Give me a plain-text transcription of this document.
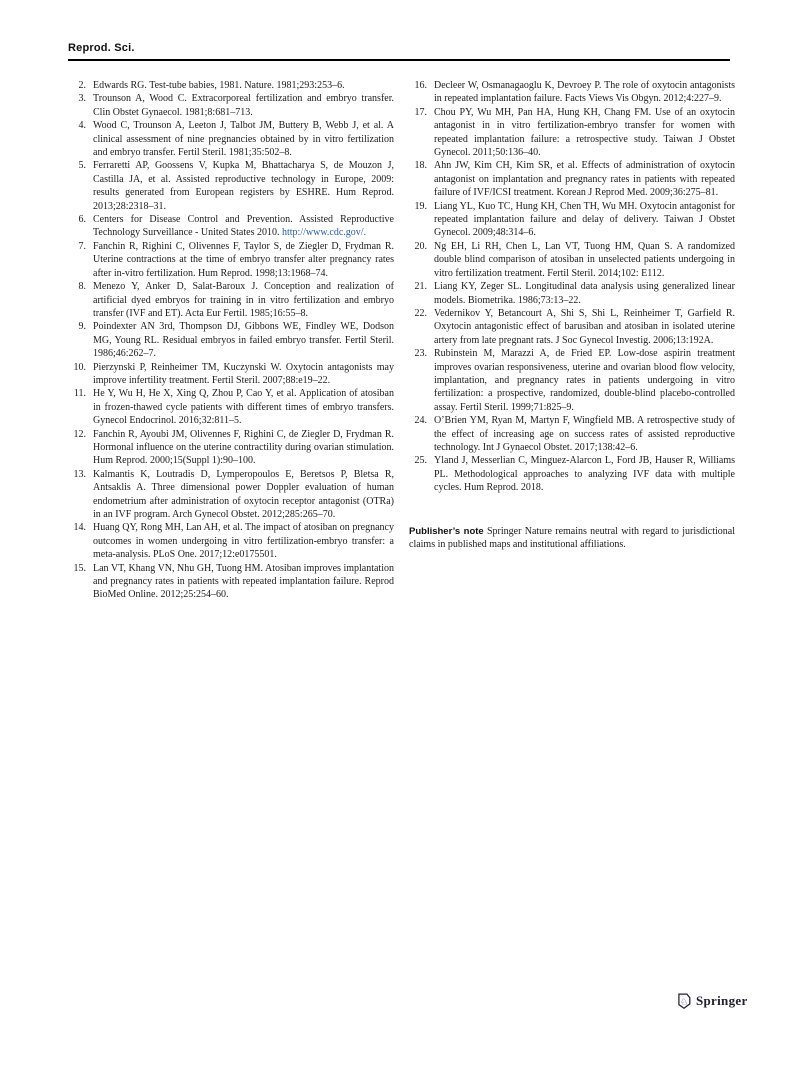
Reprod. Sci.
2. Edwards RG. Test-tube babies, 1981. Nature. 1981;293:253–6.
3. Trounson A, Wood C. Extracorporeal fertilization and embryo transfer. Clin Obstet Gynaecol. 1981;8:681–713.
4. Wood C, Trounson A, Leeton J, Talbot JM, Buttery B, Webb J, et al. A clinical assessment of nine pregnancies obtained by in vitro fertilization and embryo transfer. Fertil Steril. 1981;35:502–8.
5. Ferraretti AP, Goossens V, Kupka M, Bhattacharya S, de Mouzon J, Castilla JA, et al. Assisted reproductive technology in Europe, 2009: results generated from European registers by ESHRE. Hum Reprod. 2013;28:2318–31.
6. Centers for Disease Control and Prevention. Assisted Reproductive Technology Surveillance - United States 2010. http://www.cdc.gov/.
7. Fanchin R, Righini C, Olivennes F, Taylor S, de Ziegler D, Frydman R. Uterine contractions at the time of embryo transfer alter pregnancy rates after in-vitro fertilization. Hum Reprod. 1998;13:1968–74.
8. Menezo Y, Anker D, Salat-Baroux J. Conception and realization of artificial dyed embryos for training in in vitro fertilization and embryo transfer (IVF and ET). Acta Eur Fertil. 1985;16:55–8.
9. Poindexter AN 3rd, Thompson DJ, Gibbons WE, Findley WE, Dodson MG, Young RL. Residual embryos in failed embryo transfer. Fertil Steril. 1986;46:262–7.
10. Pierzynski P, Reinheimer TM, Kuczynski W. Oxytocin antagonists may improve infertility treatment. Fertil Steril. 2007;88:e19–22.
11. He Y, Wu H, He X, Xing Q, Zhou P, Cao Y, et al. Application of atosiban in frozen-thawed cycle patients with different times of embryo transfers. Gynecol Endocrinol. 2016;32:811–5.
12. Fanchin R, Ayoubi JM, Olivennes F, Righini C, de Ziegler D, Frydman R. Hormonal influence on the uterine contractility during ovarian stimulation. Hum Reprod. 2000;15(Suppl 1):90–100.
13. Kalmantis K, Loutradis D, Lymperopoulos E, Beretsos P, Bletsa R, Antsaklis A. Three dimensional power Doppler evaluation of human endometrium after administration of oxytocin receptor antagonist (OTRa) in an IVF program. Arch Gynecol Obstet. 2012;285:265–70.
14. Huang QY, Rong MH, Lan AH, et al. The impact of atosiban on pregnancy outcomes in women undergoing in vitro fertilization-embryo transfer: a meta-analysis. PLoS One. 2017;12:e0175501.
15. Lan VT, Khang VN, Nhu GH, Tuong HM. Atosiban improves implantation and pregnancy rates in patients with repeated implantation failure. Reprod BioMed Online. 2012;25:254–60.
16. Decleer W, Osmanagaoglu K, Devroey P. The role of oxytocin antagonists in repeated implantation failure. Facts Views Vis Obgyn. 2012;4:227–9.
17. Chou PY, Wu MH, Pan HA, Hung KH, Chang FM. Use of an oxytocin antagonist in in vitro fertilization-embryo transfer for women with repeated implantation failure: a retrospective study. Taiwan J Obstet Gynecol. 2011;50:136–40.
18. Ahn JW, Kim CH, Kim SR, et al. Effects of administration of oxytocin antagonist on implantation and pregnancy rates in patients with repeated failure of IVF/ICSI treatment. Korean J Reprod Med. 2009;36:275–81.
19. Liang YL, Kuo TC, Hung KH, Chen TH, Wu MH. Oxytocin antagonist for repeated implantation failure and delay of delivery. Taiwan J Obstet Gynecol. 2009;48:314–6.
20. Ng EH, Li RH, Chen L, Lan VT, Tuong HM, Quan S. A randomized double blind comparison of atosiban in unselected patients undergoing in vitro fertilization treatment. Fertil Steril. 2014;102: E112.
21. Liang KY, Zeger SL. Longitudinal data analysis using generalized linear models. Biometrika. 1986;73:13–22.
22. Vedernikov Y, Betancourt A, Shi S, Shi L, Reinheimer T, Garfield R. Oxytocin antagonistic effect of barusiban and atosiban in isolated uterine artery from late pregnant rats. J Soc Gynecol Investig. 2006;13:192A.
23. Rubinstein M, Marazzi A, de Fried EP. Low-dose aspirin treatment improves ovarian responsiveness, uterine and ovarian blood flow velocity, implantation, and pregnancy rates in patients undergoing in vitro fertilization: a prospective, randomized, double-blind placebo-controlled assay. Fertil Steril. 1999;71:825–9.
24. O’Brien YM, Ryan M, Martyn F, Wingfield MB. A retrospective study of the effect of increasing age on success rates of assisted reproductive technology. Int J Gynaecol Obstet. 2017;138:42–6.
25. Yland J, Messerlian C, Minguez-Alarcon L, Ford JB, Hauser R, Williams PL. Methodological approaches to analyzing IVF data with multiple cycles. Hum Reprod. 2018.
Publisher’s note Springer Nature remains neutral with regard to jurisdictional claims in published maps and institutional affiliations.
♘ Springer
